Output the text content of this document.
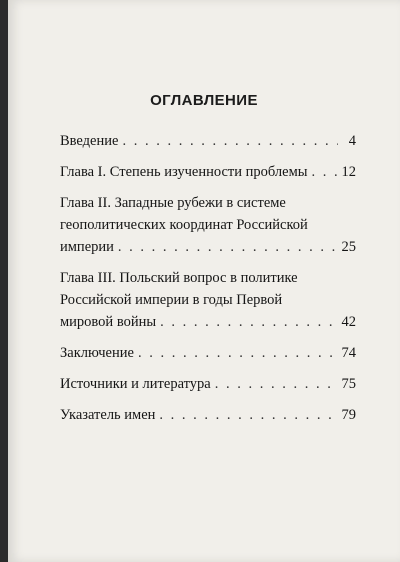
ОГЛАВЛЕНИЕ
Введение . . .	4
Глава I. Степень изученности проблемы . . . 12
Глава II. Западные рубежи в системе
геополитических координат Российской
империи . . .	25
Глава III. Польский вопрос в политике
Российской империи в годы Первой
мировой войны . . .	42
Заключение . . .	74
Источники и литература . . .	75
Указатель имен . . .	79
